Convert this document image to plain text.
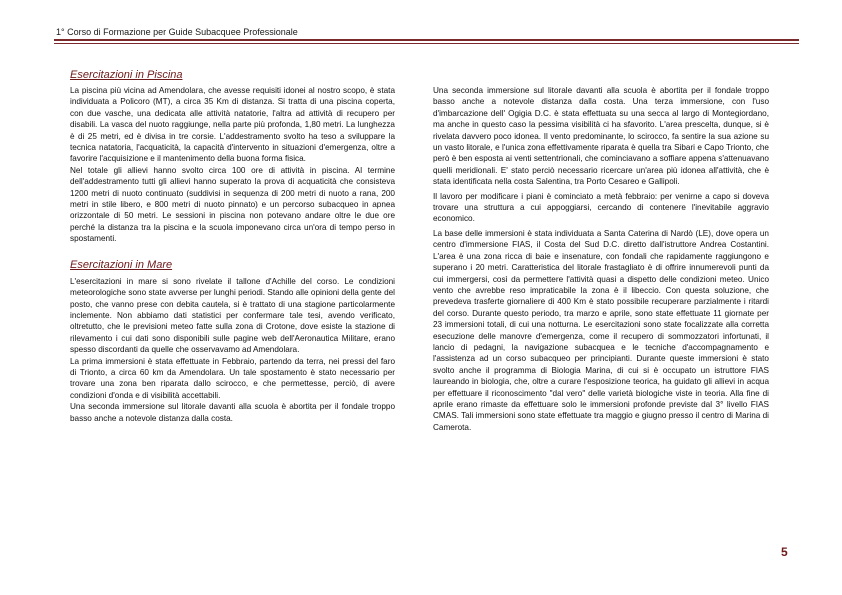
1° Corso di Formazione per Guide Subacquee Professionale
Esercitazioni in Piscina

La piscina più vicina ad Amendolara, che avesse requisiti idonei al nostro scopo, è stata individuata a Policoro (MT), a circa 35 Km di distanza. Si tratta di una piscina coperta, con due vasche, una dedicata alle attività natatorie, l'altra ad attività di recupero per disabili. La vasca del nuoto raggiunge, nella parte più profonda, 1,80 metri. La lunghezza è di 25 metri, ed è divisa in tre corsie. L'addestramento svolto ha teso a sviluppare la tecnica natatoria, l'acquaticità, la capacità d'intervento in situazioni d'emergenza, oltre a favorire l'acquisizione e il mantenimento della buona forma fisica.

Nel totale gli allievi hanno svolto circa 100 ore di attività in piscina. Al termine dell'addestramento tutti gli allievi hanno superato la prova di acquaticità che consisteva 1200 metri di nuoto continuato (suddivisi in sequenza di 200 metri di nuoto a rana, 200 metri in stile libero, e 800 metri di nuoto pinnato) e un percorso subacqueo in apnea orizzontale di 50 metri. Le sessioni in piscina non potevano andare oltre le due ore perché la distanza tra la piscina e la scuola imponevano circa un'ora di tempo perso in spostamenti.

Esercitazioni in Mare

L'esercitazioni in mare si sono rivelate il tallone d'Achille del corso. Le condizioni meteorologiche sono state avverse per lunghi periodi. Stando alle opinioni della gente del posto, che vanno prese con debita cautela, si è trattato di una stagione particolarmente inclemente. Non abbiamo dati statistici per confermare tale tesi, avendo verificato, oltretutto, che le previsioni meteo fatte sulla zona di Crotone, dove esiste la stazione di rilevamento i cui dati sono disponibili sulle pagine web dell'Aeronautica Militare, erano spesso discordanti da quelle che osservavamo ad Amendolara.

La prima immersioni è stata effettuate in Febbraio, partendo da terra, nei pressi del faro di Trionto, a circa 60 km da Amendolara. Un tale spostamento è stato necessario per trovare una zona ben riparata dallo scirocco, e che permettesse, perciò, di avere condizioni d'onda e di visibilità accettabili.

Una seconda immersione sul litorale davanti alla scuola è abortita per il fondale troppo basso anche a notevole distanza dalla costa.

Una seconda immersione sul litorale davanti alla scuola è abortita per il fondale troppo basso anche a notevole distanza dalla costa. Una terza immersione, con l'uso d'imbarcazione dell' Ogigia D.C. è stata effettuata su una secca al largo di Montegiordano, ma anche in questo caso la pessima visibilità ci ha sfavorito. L'area prescelta, dunque, si è rivelata davvero poco idonea. Il vento predominante, lo scirocco, fa sentire la sua azione su un vasto litorale, e l'unica zona effettivamente riparata è quella tra Sibari e Capo Trionto, che però è ben esposta ai venti settentrionali, che cominciavano a soffiare appena s'attenuavano quelli meridionali. E' stato perciò necessario ricercare un'area più idonea all'attività, che è stata identificata nella costa Salentina, tra Porto Cesareo e Gallipoli.

Il lavoro per modificare i piani è cominciato a metà febbraio: per venirne a capo si doveva trovare una struttura a cui appoggiarsi, cercando di contenere l'inevitabile aggravio economico.

La base delle immersioni è stata individuata a Santa Caterina di Nardò (LE), dove opera un centro d'immersione FIAS, il Costa del Sud D.C. diretto dall'istruttore Andrea Costantini. L'area è una zona ricca di baie e insenature, con fondali che rapidamente raggiungono e superano i 20 metri. Caratteristica del litorale frastagliato è di offrire innumerevoli punti da cui immergersi, così da permettere l'attività quasi a dispetto delle condizioni meteo. Unico vento che avrebbe reso impraticabile la zona è il libeccio. Con questa soluzione, che prevedeva trasferte giornaliere di 400 Km è stato possibile recuperare parzialmente i ritardi del corso. Durante questo periodo, tra marzo e aprile, sono state effettuate 11 giornate per 23 immersioni totali, di cui una notturna. Le esercitazioni sono state focalizzate alla corretta esecuzione delle manovre d'emergenza, come il recupero di sommozzatori infortunati, il lancio di pedagni, la navigazione subacquea e le tecniche d'accompagnamento e l'assistenza ad un corso subacqueo per principianti. Durante queste immersioni è stato svolto anche il programma di Biologia Marina, di cui si è occupato un istruttore FIAS laureando in biologia, che, oltre a curare l'esposizione teorica, ha guidato gli allievi in acqua per effettuare il riconoscimento "dal vero" delle varietà biologiche viste in teoria. Alla fine di aprile erano rimaste da effettuare solo le immersioni profonde previste dal 3° livello FIAS CMAS. Tali immersioni sono state effettuate tra maggio e giugno presso il centro di Marina di Camerota.

5
